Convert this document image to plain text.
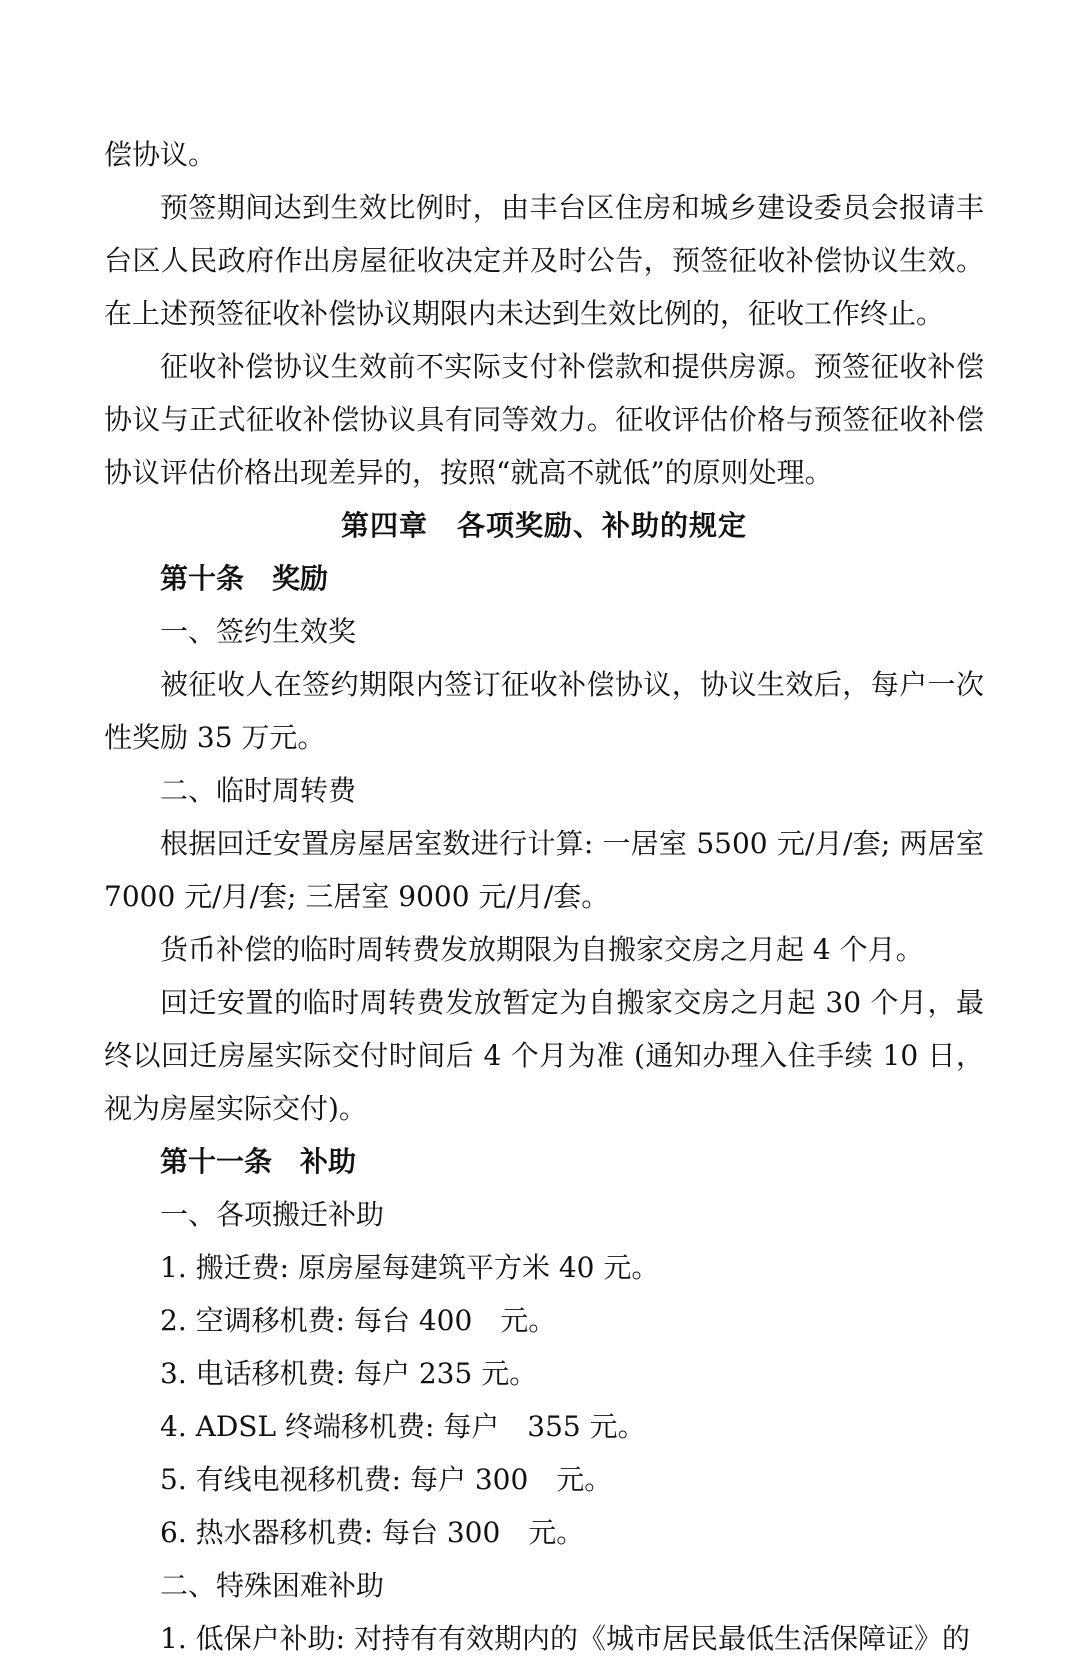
偿协议。

预签期间达到生效比例时，由丰台区住房和城乡建设委员会报请丰台区人民政府作出房屋征收决定并及时公告，预签征收补偿协议生效。在上述预签征收补偿协议期限内未达到生效比例的，征收工作终止。

征收补偿协议生效前不实际支付补偿款和提供房源。预签征收补偿协议与正式征收补偿协议具有同等效力。征收评估价格与预签征收补偿协议评估价格出现差异的，按照“就高不就低”的原则处理。

第四章　各项奖励、补助的规定

第十条　奖励

一、签约生效奖

被征收人在签约期限内签订征收补偿协议，协议生效后，每户一次性奖励 35 万元。

二、临时周转费

根据回迁安置房屋居室数进行计算: 一居室 5500 元/月/套; 两居室 7000 元/月/套; 三居室 9000 元/月/套。

货币补偿的临时周转费发放期限为自搬家交房之月起 4 个月。

回迁安置的临时周转费发放暂定为自搬家交房之月起 30 个月，最终以回迁房屋实际交付时间后 4 个月为准 (通知办理入住手续 10 日，视为房屋实际交付)。

第十一条　补助

一、各项搬迁补助

1. 搬迁费: 原房屋每建筑平方米 40 元。

2. 空调移机费: 每台 400　元。

3. 电话移机费: 每户 235 元。

4. ADSL 终端移机费: 每户　355 元。

5. 有线电视移机费: 每户 300　元。

6. 热水器移机费: 每台 300　元。

二、特殊困难补助

1. 低保户补助: 对持有有效期内的《城市居民最低生活保障证》的
